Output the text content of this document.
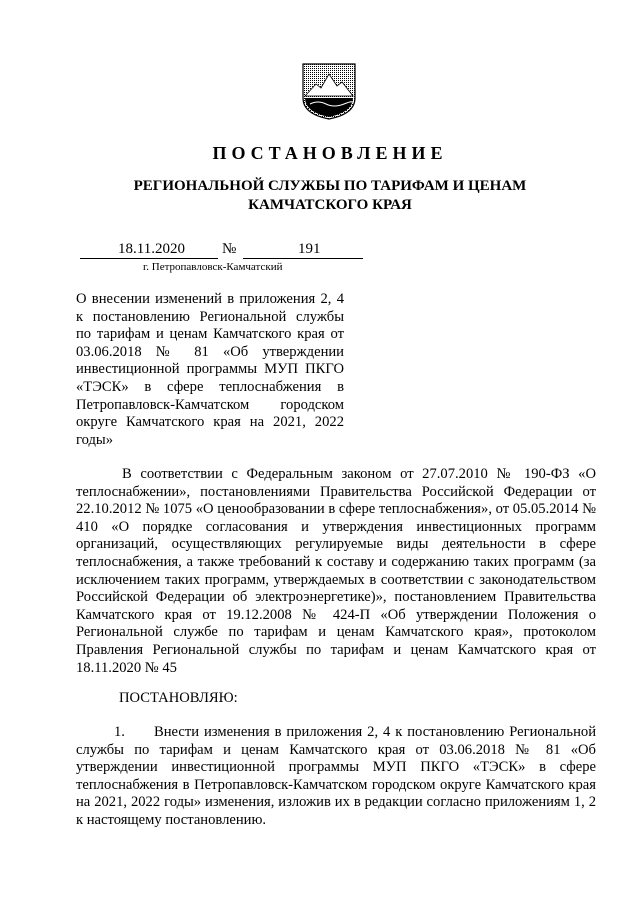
ПОСТАНОВЛЕНИЕ
РЕГИОНАЛЬНОЙ СЛУЖБЫ ПО ТАРИФАМ И ЦЕНАМ
КАМЧАТСКОГО КРАЯ
18.11.2020 №	191
г. Петропавловск-Камчатский
О внесении изменений в приложения 2, 4 к постановлению Региональной службы по тарифам и ценам Камчатского края от 03.06.2018 № 81 «Об утверждении инвестиционной программы МУП ПКГО «ТЭСК» в сфере теплоснабжения в Петропавловск-Камчатском городском округе Камчатского края на 2021, 2022 годы»
В соответствии с Федеральным законом от 27.07.2010 № 190-ФЗ «О теплоснабжении», постановлениями Правительства Российской Федерации от 22.10.2012 № 1075 «О ценообразовании в сфере теплоснабжения», от 05.05.2014 № 410 «О порядке согласования и утверждения инвестиционных программ организаций, осуществляющих регулируемые виды деятельности в сфере теплоснабжения, а также требований к составу и содержанию таких программ (за исключением таких программ, утверждаемых в соответствии с законодательством Российской Федерации об электроэнергетике)», постановлением Правительства Камчатского края от 19.12.2008 № 424-П «Об утверждении Положения о Региональной службе по тарифам и ценам Камчатского края», протоколом Правления Региональной службы по тарифам и ценам Камчатского края от 18.11.2020 № 45
ПОСТАНОВЛЯЮ:
1. Внести изменения в приложения 2, 4 к постановлению Региональной службы по тарифам и ценам Камчатского края от 03.06.2018 № 81 «Об утверждении инвестиционной программы МУП ПКГО «ТЭСК» в сфере теплоснабжения в Петропавловск-Камчатском городском округе Камчатского края на 2021, 2022 годы» изменения, изложив их в редакции согласно приложениям 1, 2 к настоящему постановлению.
